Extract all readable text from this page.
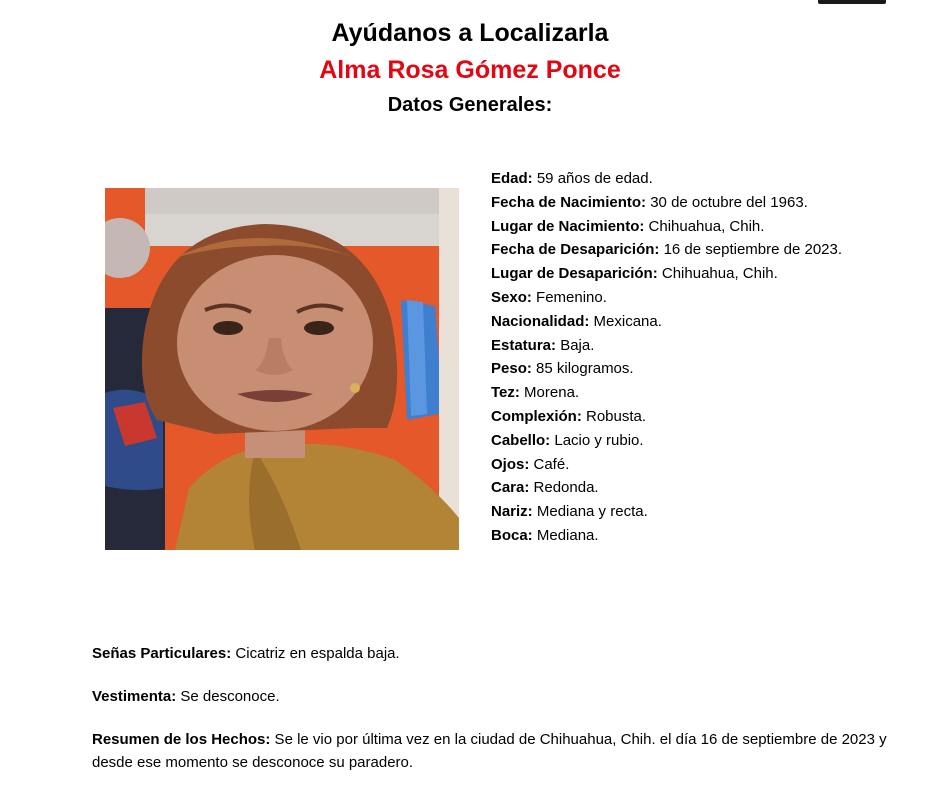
Ayúdanos a Localizarla
Alma Rosa Gómez Ponce
Datos Generales:
Edad: 59 años de edad.
Fecha de Nacimiento: 30 de octubre del 1963.
Lugar de Nacimiento: Chihuahua, Chih.
Fecha de Desaparición: 16 de septiembre de 2023.
Lugar de Desaparición: Chihuahua, Chih.
Sexo: Femenino.
Nacionalidad: Mexicana.
Estatura: Baja.
Peso: 85 kilogramos.
Tez: Morena.
Complexión: Robusta.
Cabello: Lacio y rubio.
Ojos: Café.
Cara: Redonda.
Nariz: Mediana y recta.
Boca: Mediana.

Señas Particulares: Cicatriz en espalda baja.

Vestimenta: Se desconoce.

Resumen de los Hechos: Se le vio por última vez en la ciudad de Chihuahua, Chih. el día 16 de septiembre de 2023 y desde ese momento se desconoce su paradero.
